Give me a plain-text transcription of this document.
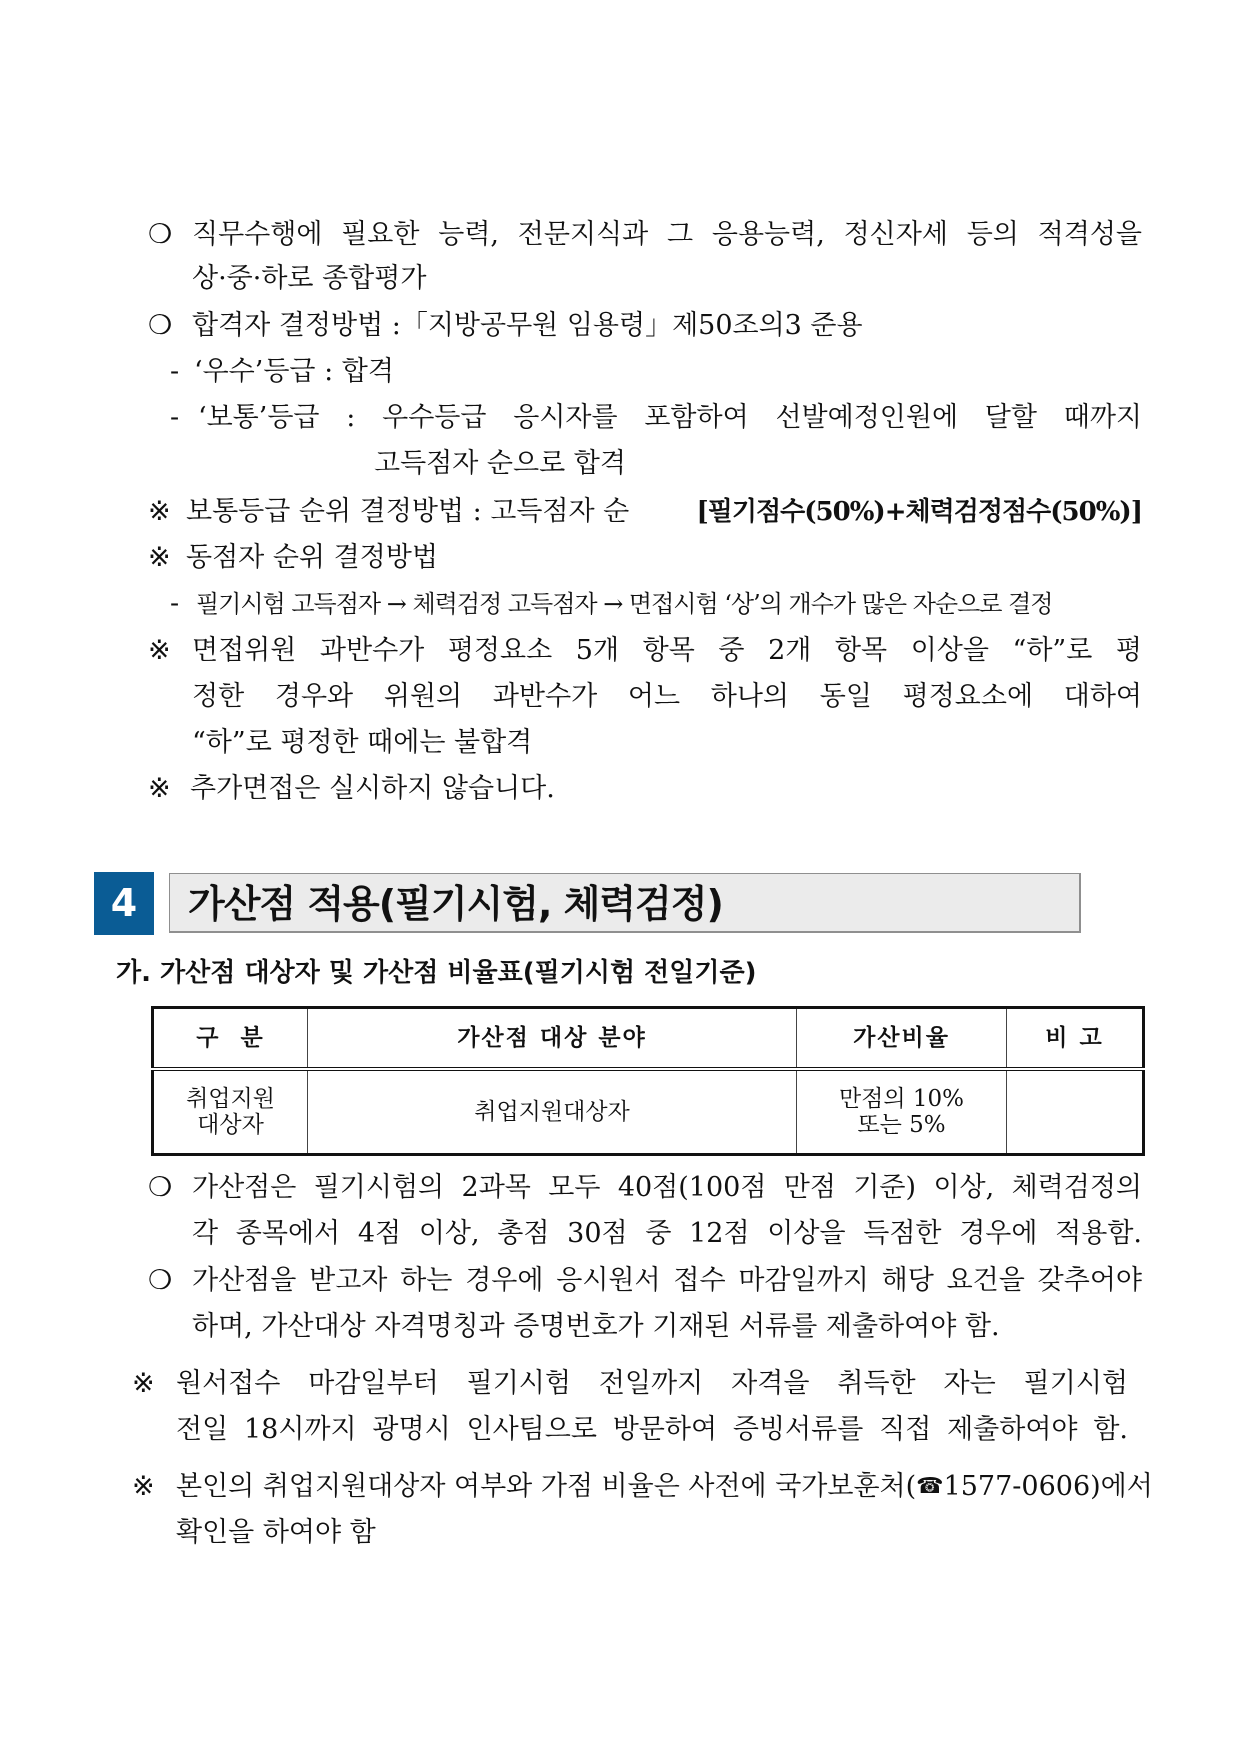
❍ 직무수행에 필요한 능력, 전문지식과 그 응용능력, 정신자세 등의 적격성을
상·중·하로 종합평가
❍ 합격자 결정방법 :「지방공무원 임용령」제50조의3 준용
- ‘우수’등급 : 합격
- ‘보통’등급 : 우수등급 응시자를 포함하여 선발예정인원에 달할 때까지
고득점자 순으로 합격
※ 보통등급 순위 결정방법 : 고득점자 순	[필기점수(50%)+체력검정점수(50%)]
※ 동점자 순위 결정방법
- 필기시험 고득점자 → 체력검정 고득점자 → 면접시험 ‘상’의 개수가 많은 자순으로 결정
※ 면접위원 과반수가 평정요소 5개 항목 중 2개 항목 이상을 “하”로 평
정한 경우와 위원의 과반수가 어느 하나의 동일 평정요소에 대하여
“하”로 평정한 때에는 불합격
※ 추가면접은 실시하지 않습니다.
4	가산점 적용(필기시험, 체력검정)
가. 가산점 대상자 및 가산점 비율표(필기시험 전일기준)
구  분	가산점 대상 분야	가산비율	비 고
취업지원
대상자	취업지원대상자	만점의 10%
또는 5%	
❍ 가산점은 필기시험의 2과목 모두 40점(100점 만점 기준) 이상, 체력검정의
각 종목에서 4점 이상, 총점 30점 중 12점 이상을 득점한 경우에 적용함.
❍ 가산점을 받고자 하는 경우에 응시원서 접수 마감일까지 해당 요건을 갖추어야
하며, 가산대상 자격명칭과 증명번호가 기재된 서류를 제출하여야 함.
※ 원서접수 마감일부터 필기시험 전일까지 자격을 취득한 자는 필기시험
전일 18시까지 광명시 인사팀으로 방문하여 증빙서류를 직접 제출하여야 함.
※ 본인의 취업지원대상자 여부와 가점 비율은 사전에 국가보훈처( ☎ 1577-0606)에서
확인을 하여야 함
